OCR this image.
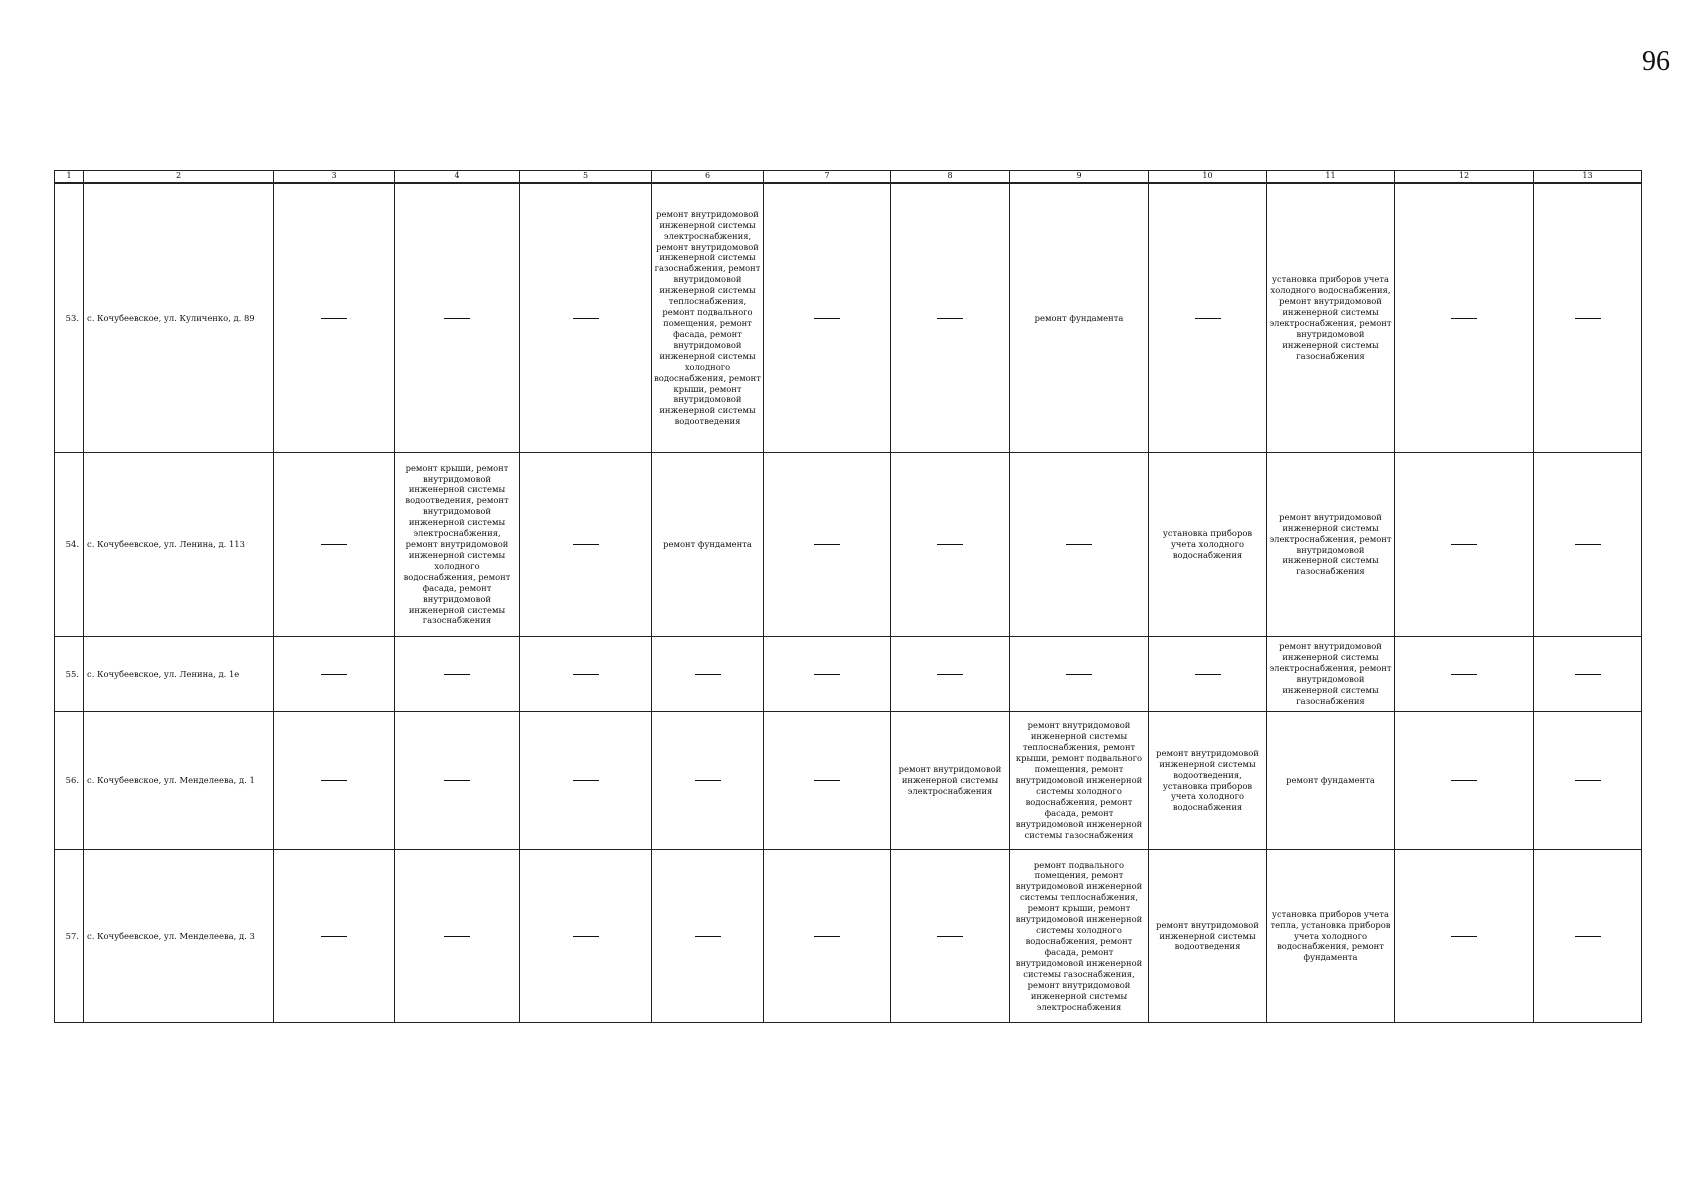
96
1	2	3	4	5	6	7	8	9	10	11	12	13
53.	с. Кочубеевское, ул. Куличенко, д. 89				ремонт внутридомовой инженерной системы электроснабжения, ремонт внутридомовой инженерной системы газоснабжения, ремонт внутридомовой инженерной системы теплоснабжения, ремонт подвального помещения, ремонт фасада, ремонт внутридомовой инженерной системы холодного водоснабжения, ремонт крыши, ремонт внутридомовой инженерной системы водоотведения			ремонт фундамента		установка приборов учета холодного водоснабжения, ремонт внутридомовой инженерной системы электроснабжения, ремонт внутридомовой инженерной системы газоснабжения		
54.	с. Кочубеевское, ул. Ленина, д. 113		ремонт крыши, ремонт внутридомовой инженерной системы водоотведения, ремонт внутридомовой инженерной системы электроснабжения, ремонт внутридомовой инженерной системы холодного водоснабжения, ремонт фасада, ремонт внутридомовой инженерной системы газоснабжения		ремонт фундамента				установка приборов учета холодного водоснабжения	ремонт внутридомовой инженерной системы электроснабжения, ремонт внутридомовой инженерной системы газоснабжения		
55.	с. Кочубеевское, ул. Ленина, д. 1е									ремонт внутридомовой инженерной системы электроснабжения, ремонт внутридомовой инженерной системы газоснабжения		
56.	с. Кочубеевское, ул. Менделеева, д. 1						ремонт внутридомовой инженерной системы электроснабжения	ремонт внутридомовой инженерной системы теплоснабжения, ремонт крыши, ремонт подвального помещения, ремонт внутридомовой инженерной системы холодного водоснабжения, ремонт фасада, ремонт внутридомовой инженерной системы газоснабжения	ремонт внутридомовой инженерной системы водоотведения, установка приборов учета холодного водоснабжения	ремонт фундамента		
57.	с. Кочубеевское, ул. Менделеева, д. 3							ремонт подвального помещения, ремонт внутридомовой инженерной системы теплоснабжения, ремонт крыши, ремонт внутридомовой инженерной системы холодного водоснабжения, ремонт фасада, ремонт внутридомовой инженерной системы газоснабжения, ремонт внутридомовой инженерной системы электроснабжения	ремонт внутридомовой инженерной системы водоотведения	установка приборов учета тепла, установка приборов учета холодного водоснабжения, ремонт фундамента		
